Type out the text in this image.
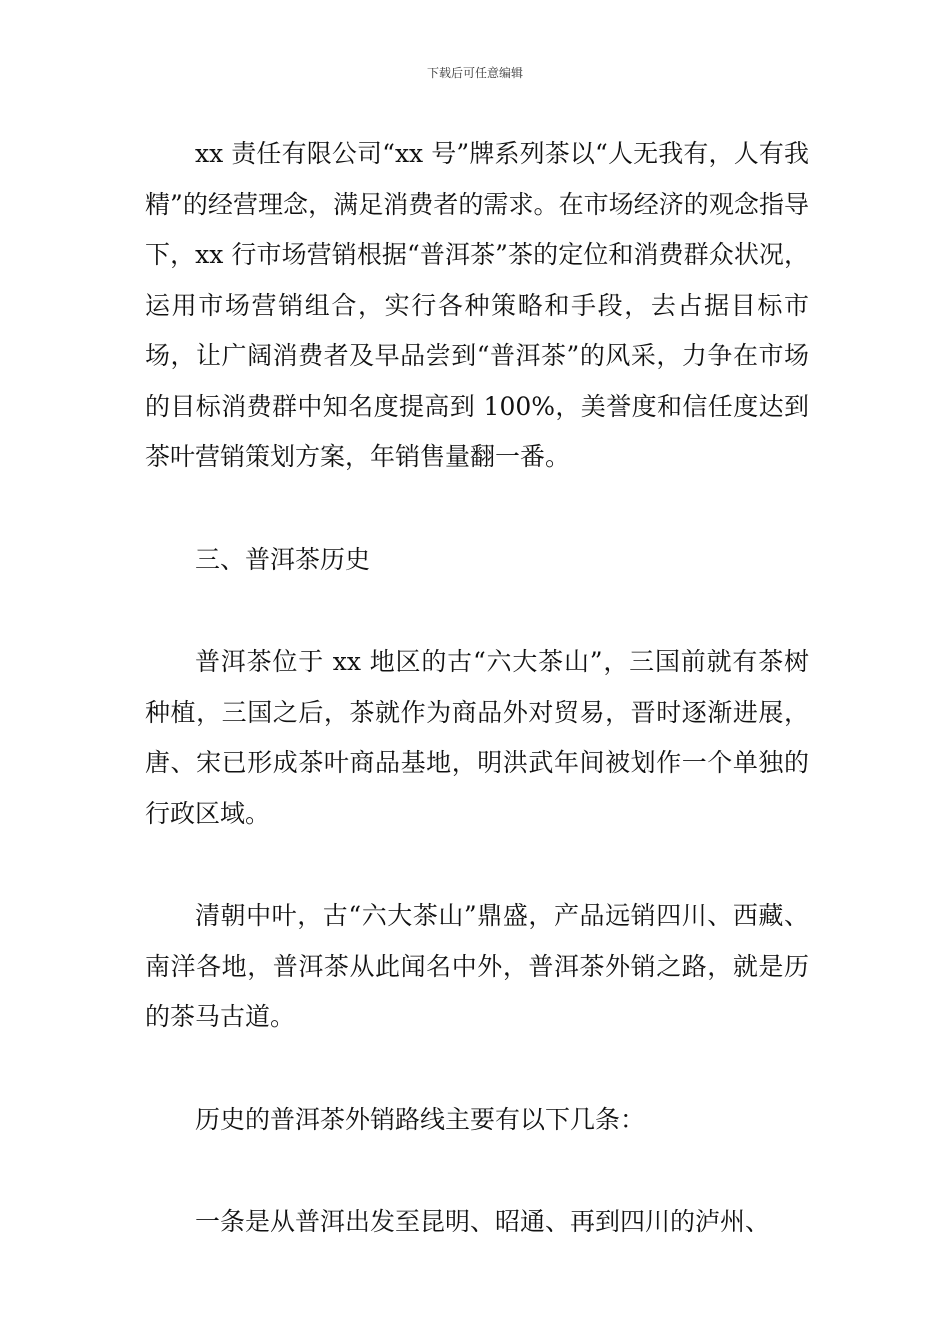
下载后可任意编辑

xx 责任有限公司“xx 号”牌系列茶以“人无我有，人有我精”的经营理念，满足消费者的需求。在市场经济的观念指导下，xx 行市场营销根据“普洱茶”茶的定位和消费群众状况，运用市场营销组合，实行各种策略和手段，去占据目标市场，让广阔消费者及早品尝到“普洱茶”的风采，力争在市场的目标消费群中知名度提高到 100%，美誉度和信任度达到茶叶营销策划方案，年销售量翻一番。

三、普洱茶历史

普洱茶位于 xx 地区的古“六大茶山”，三国前就有茶树种植，三国之后，茶就作为商品外对贸易，晋时逐渐进展，唐、宋已形成茶叶商品基地，明洪武年间被划作一个单独的行政区域。

清朝中叶，古“六大茶山”鼎盛，产品远销四川、西藏、南洋各地，普洱茶从此闻名中外，普洱茶外销之路，就是历的茶马古道。

历史的普洱茶外销路线主要有以下几条：

一条是从普洱出发至昆明、昭通、再到四川的泸州、
